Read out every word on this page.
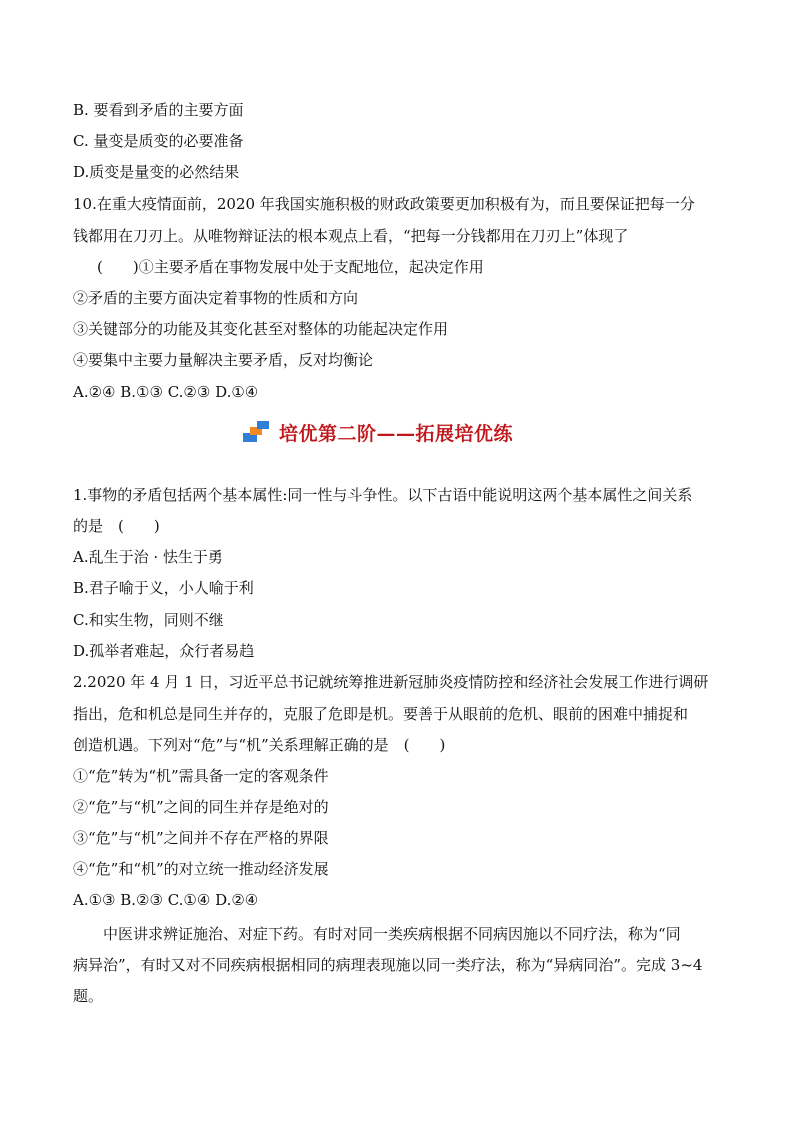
B. 要看到矛盾的主要方面
C. 量变是质变的必要准备
D.质变是量变的必然结果
10.在重大疫情面前，2020 年我国实施积极的财政政策要更加积极有为，而且要保证把每一分
钱都用在刀刃上。从唯物辩证法的根本观点上看，“把每一分钱都用在刀刃上”体现了
(　　)①主要矛盾在事物发展中处于支配地位，起决定作用
②矛盾的主要方面决定着事物的性质和方向
③关键部分的功能及其变化甚至对整体的功能起决定作用
④要集中主要力量解决主要矛盾，反对均衡论
A.②④ B.①③ C.②③ D.①④
培优第二阶——拓展培优练
1.事物的矛盾包括两个基本属性:同一性与斗争性。以下古语中能说明这两个基本属性之间关系
的是　(　　)
A.乱生于治 · 怯生于勇
B.君子喻于义，小人喻于利
C.和实生物，同则不继
D.孤举者难起，众行者易趋
2.2020 年 4 月 1 日，习近平总书记就统筹推进新冠肺炎疫情防控和经济社会发展工作进行调研
指出，危和机总是同生并存的，克服了危即是机。要善于从眼前的危机、眼前的困难中捕捉和
创造机遇。下列对“危”与“机”关系理解正确的是　(　　)
①“危”转为“机”需具备一定的客观条件
②“危”与“机”之间的同生并存是绝对的
③“危”与“机”之间并不存在严格的界限
④“危”和“机”的对立统一推动经济发展
A.①③ B.②③ C.①④ D.②④
中医讲求辨证施治、对症下药。有时对同一类疾病根据不同病因施以不同疗法，称为“同
病异治”，有时又对不同疾病根据相同的病理表现施以同一类疗法，称为“异病同治”。完成 3~4
题。
